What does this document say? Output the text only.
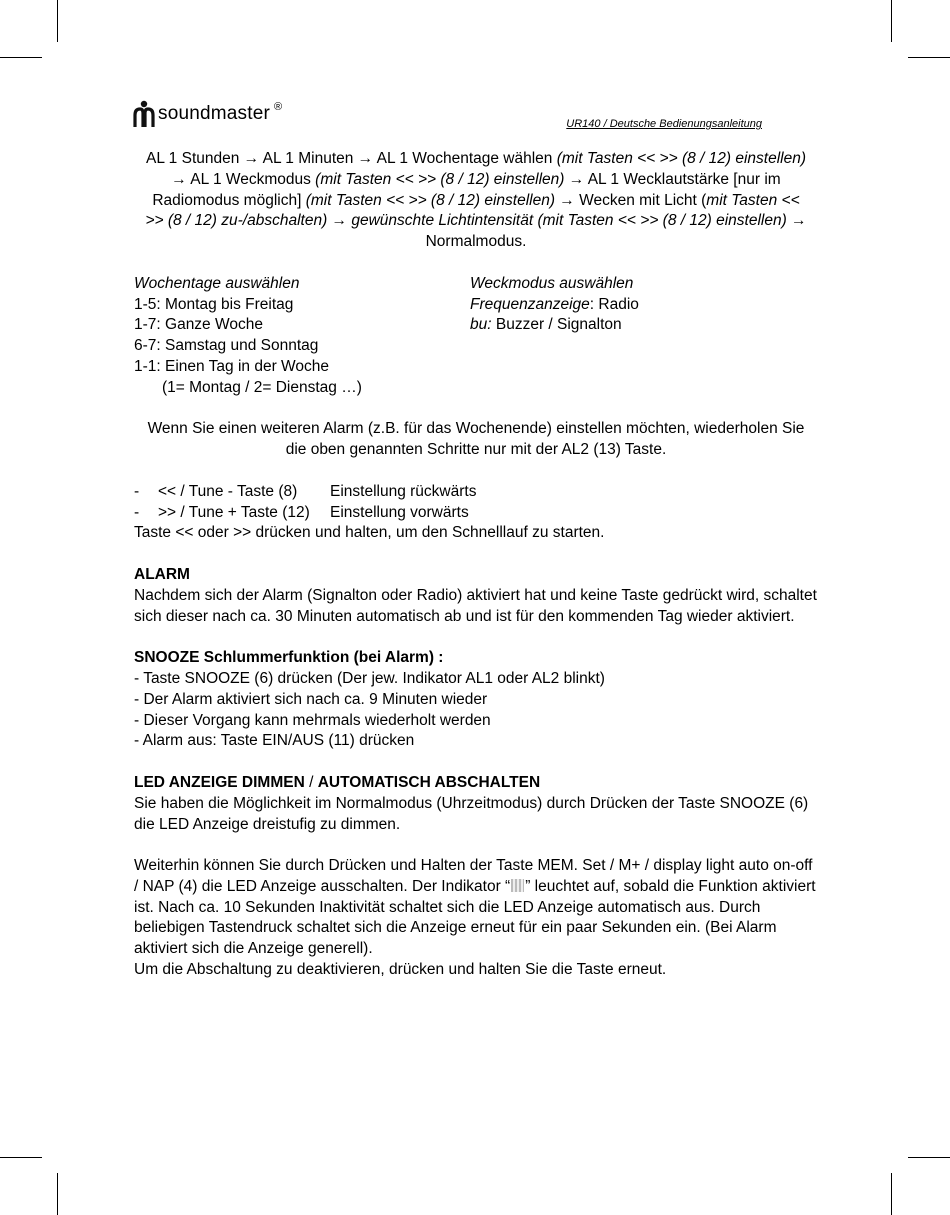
soundmaster ®
UR140 / Deutsche Bedienungsanleitung

AL 1 Stunden → AL 1 Minuten → AL 1 Wochentage wählen (mit Tasten << >> (8 / 12) einstellen)

→ AL 1 Weckmodus (mit Tasten << >> (8 / 12) einstellen) → AL 1 Wecklautstärke [nur im

Radiomodus möglich] (mit Tasten << >> (8 / 12) einstellen) → Wecken mit Licht (mit Tasten <<

>> (8 / 12) zu-/abschalten) → gewünschte Lichtintensität (mit Tasten << >> (8 / 12) einstellen) →

Normalmodus.

Wochentage auswählen

1-5: Montag bis Freitag

1-7: Ganze Woche

6-7: Samstag und Sonntag

1-1: Einen Tag in der Woche

(1= Montag / 2= Dienstag …)

Weckmodus auswählen

Frequenzanzeige: Radio

bu: Buzzer / Signalton

Wenn Sie einen weiteren Alarm (z.B. für das Wochenende) einstellen möchten, wiederholen Sie

die oben genannten Schritte nur mit der AL2 (13) Taste.

-	<< / Tune - Taste (8)	Einstellung rückwärts
-	>> / Tune + Taste (12)	Einstellung vorwärts

Taste << oder >> drücken und halten, um den Schnelllauf zu starten.

ALARM

Nachdem sich der Alarm (Signalton oder Radio) aktiviert hat und keine Taste gedrückt wird, schaltet sich dieser nach ca. 30 Minuten automatisch ab und ist für den kommenden Tag wieder aktiviert.

SNOOZE Schlummerfunktion (bei Alarm) :

- Taste SNOOZE (6) drücken (Der jew. Indikator AL1 oder AL2 blinkt)

- Der Alarm aktiviert sich nach ca. 9 Minuten wieder

- Dieser Vorgang kann mehrmals wiederholt werden

- Alarm aus: Taste EIN/AUS (11) drücken

LED ANZEIGE DIMMEN / AUTOMATISCH ABSCHALTEN

Sie haben die Möglichkeit im Normalmodus (Uhrzeitmodus) durch Drücken der Taste SNOOZE (6) die LED Anzeige dreistufig zu dimmen.

Weiterhin können Sie durch Drücken und Halten der Taste MEM. Set / M+ / display light auto on-off / NAP (4) die LED Anzeige ausschalten. Der Indikator “ ” leuchtet auf, sobald die Funktion aktiviert ist. Nach ca. 10 Sekunden Inaktivität schaltet sich die LED Anzeige automatisch aus. Durch beliebigen Tastendruck schaltet sich die Anzeige erneut für ein paar Sekunden ein. (Bei Alarm aktiviert sich die Anzeige generell).

Um die Abschaltung zu deaktivieren, drücken und halten Sie die Taste erneut.
